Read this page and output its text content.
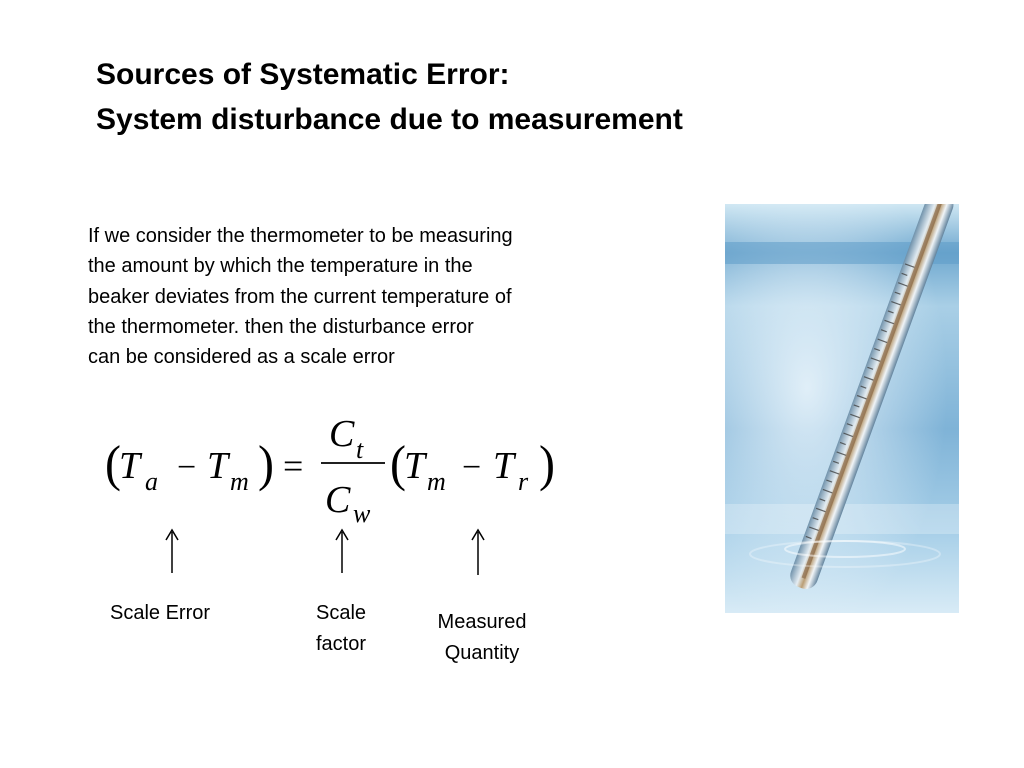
Sources of Systematic Error:
System disturbance due to measurement

If we consider the thermometer to be measuring
the amount by which the temperature in the
beaker deviates from the current temperature of
the thermometer. then the disturbance error
can be considered as a scale error

(
T a − T m ) =
C t
C w
(
T m − T r )

Scale Error	Scale
factor

Measured
Quantity
